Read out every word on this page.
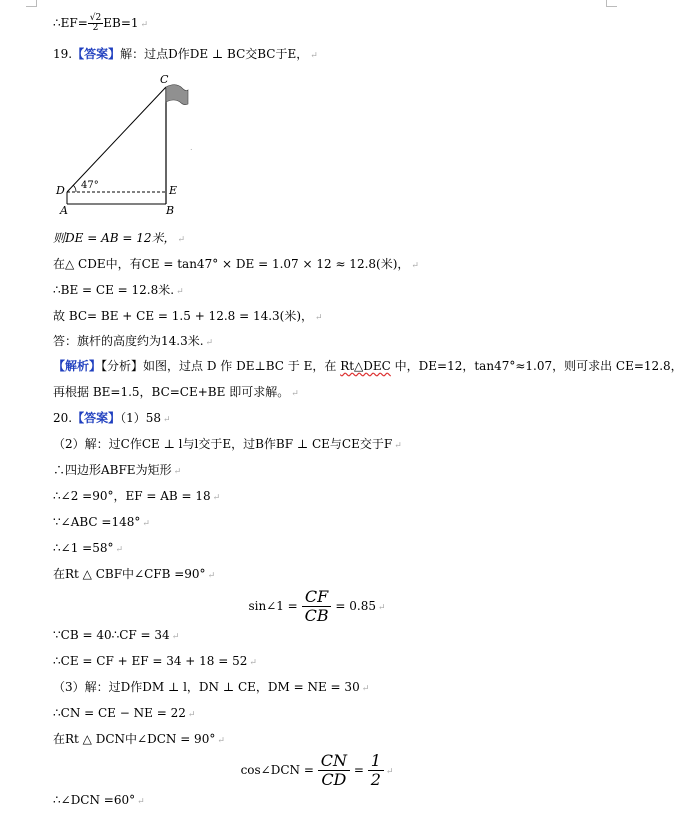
∴EF= $\frac{√2}{2} EB=1$ ↵
19.【答案】解：过点D作DE ⊥ BC交BC于E， ↵
C
D	E
A	B
47°
.
则DE = AB = 12米， ↵
在△ CDE中，有CE = tan47° × DE = 1.07 × 12 ≈ 12.8(米)， ↵
∴BE = CE = 12.8米. ↵
故 BC= BE + CE = 1.5 + 12.8 = 14.3(米)， ↵
答：旗杆的高度约为14.3米. ↵
【解析】【分析】如图，过点 D 作 DE⊥BC 于 E，在 Rt△DEC 中，DE=12，tan47°≈1.07，则可求出 CE=12.8，
再根据 BE=1.5，BC=CE+BE 即可求解。 ↵
20.【答案】（1）58 ↵
（2）解：过C作CE ⊥ l与l交于E，过B作BF ⊥ CE与CE交于F ↵
∴四边形ABFE为矩形 ↵
∴∠2 =90°，EF = AB = 18 ↵
∵∠ABC =148° ↵
∴∠1 =58° ↵
在Rt △ CBF中∠CFB =90° ↵
sin∠1 = $\frac{CF}{CB} = 0.85$ ↵
∵CB = 40∴CF = 34 ↵
∴CE = CF + EF = 34 + 18 = 52 ↵
（3）解：过D作DM ⊥ l，DN ⊥ CE，DM = NE = 30 ↵
∴CN = CE − NE = 22 ↵
在Rt △ DCN中∠DCN = 90° ↵
cos∠DCN = $\frac{CN}{CD} = \frac{1}{2}$ ↵
∴∠DCN =60° ↵
